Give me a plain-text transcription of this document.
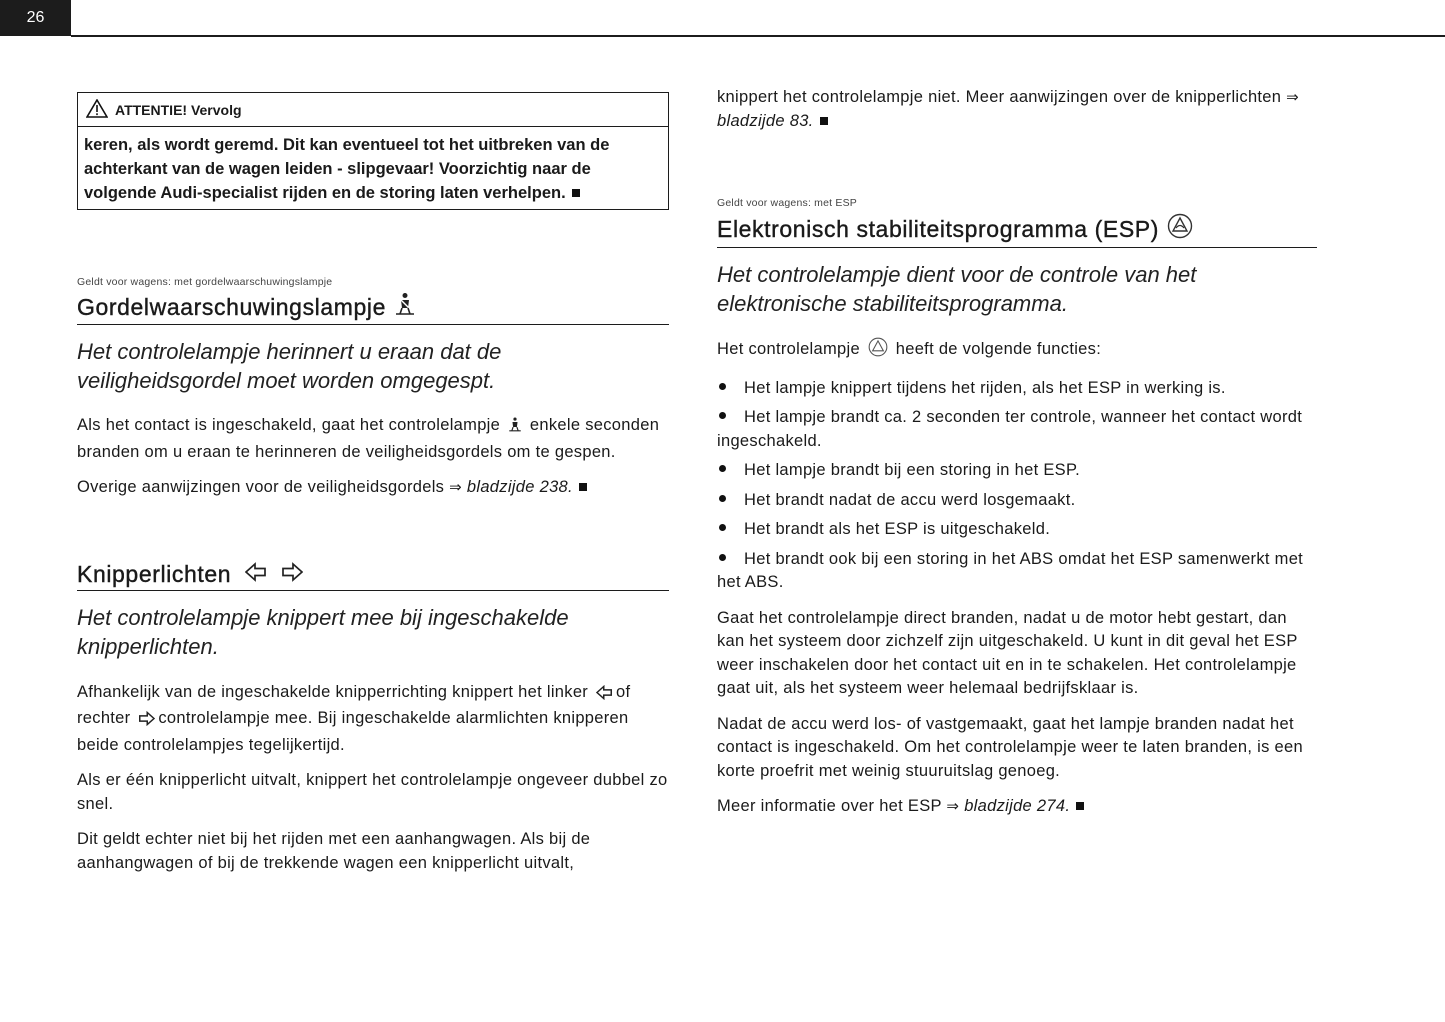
26
ATTENTIE! Vervolg
keren, als wordt geremd. Dit kan eventueel tot het uitbreken van de achterkant van de wagen leiden - slipgevaar! Voorzichtig naar de volgende Audi-specialist rijden en de storing laten verhelpen.
Geldt voor wagens: met gordelwaarschuwingslampje
Gordelwaarschuwingslampje
Het controlelampje herinnert u eraan dat de veiligheidsgordel moet worden omgegespt.
Als het contact is ingeschakeld, gaat het controlelampje enkele seconden branden om u eraan te herinneren de veiligheidsgordels om te gespen.
Overige aanwijzingen voor de veiligheidsgordels ⇒ bladzijde 238.
Knipperlichten
Het controlelampje knippert mee bij ingeschakelde knipperlichten.
Afhankelijk van de ingeschakelde knipperrichting knippert het linker of rechter controlelampje mee. Bij ingeschakelde alarmlichten knipperen beide controlelampjes tegelijkertijd.
Als er één knipperlicht uitvalt, knippert het controlelampje ongeveer dubbel zo snel.
Dit geldt echter niet bij het rijden met een aanhangwagen. Als bij de aanhangwagen of bij de trekkende wagen een knipperlicht uitvalt,
knippert het controlelampje niet. Meer aanwijzingen over de knipperlichten ⇒ bladzijde 83.
Geldt voor wagens: met ESP
Elektronisch stabiliteitsprogramma (ESP)
Het controlelampje dient voor de controle van het elektronische stabiliteitsprogramma.
Het controlelampje heeft de volgende functies:
Het lampje knippert tijdens het rijden, als het ESP in werking is.
Het lampje brandt ca. 2 seconden ter controle, wanneer het contact wordt ingeschakeld.
Het lampje brandt bij een storing in het ESP.
Het brandt nadat de accu werd losgemaakt.
Het brandt als het ESP is uitgeschakeld.
Het brandt ook bij een storing in het ABS omdat het ESP samenwerkt met het ABS.
Gaat het controlelampje direct branden, nadat u de motor hebt gestart, dan kan het systeem door zichzelf zijn uitgeschakeld. U kunt in dit geval het ESP weer inschakelen door het contact uit en in te schakelen. Het controlelampje gaat uit, als het systeem weer helemaal bedrijfsklaar is.
Nadat de accu werd los- of vastgemaakt, gaat het lampje branden nadat het contact is ingeschakeld. Om het controlelampje weer te laten branden, is een korte proefrit met weinig stuuruitslag genoeg.
Meer informatie over het ESP ⇒ bladzijde 274.
